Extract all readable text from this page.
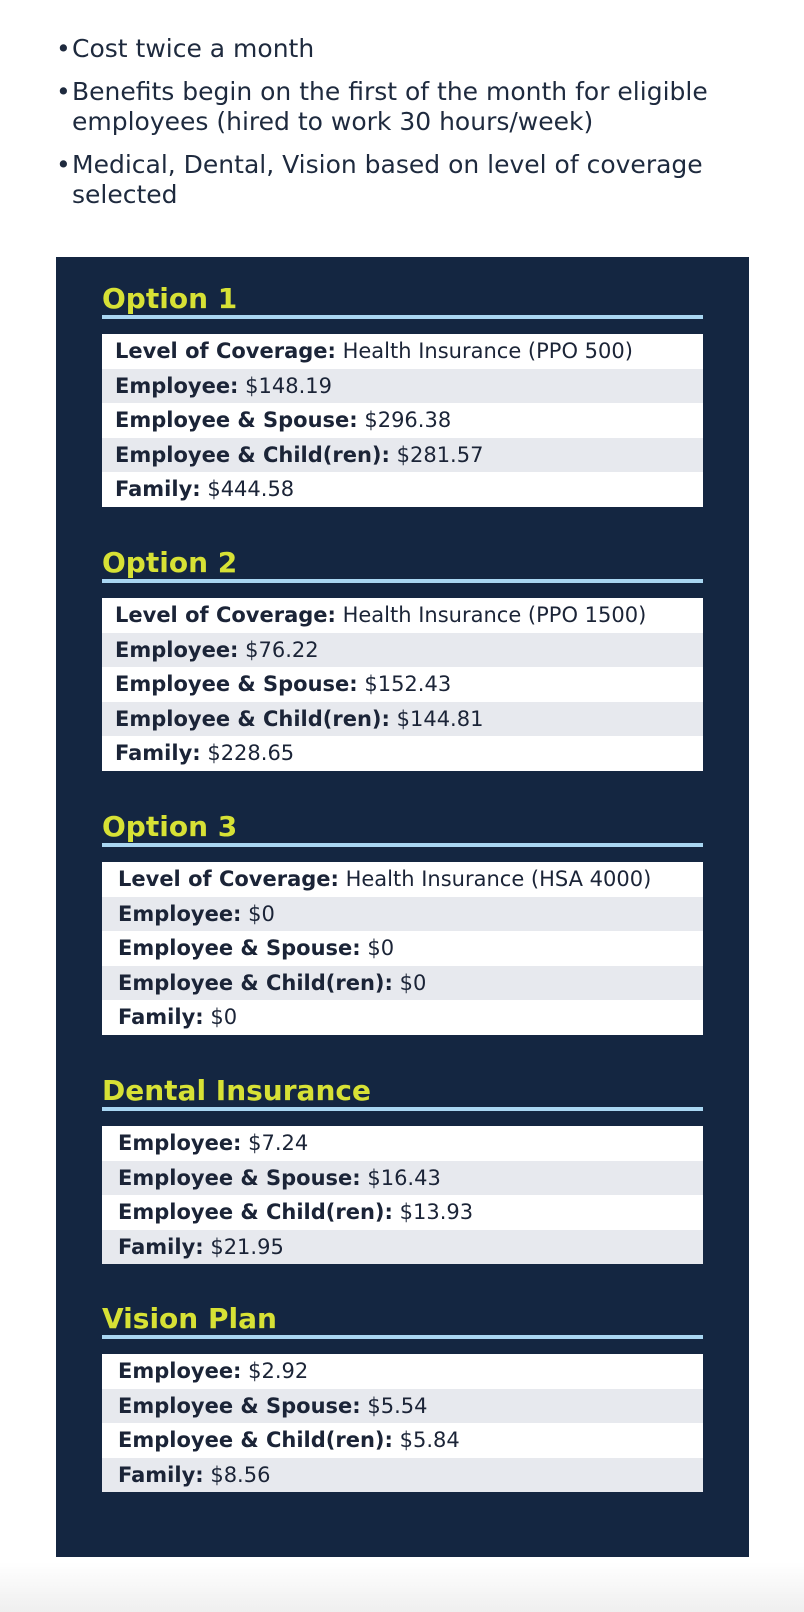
• Cost twice a month
• Benefits begin on the first of the month for eligible employees (hired to work 30 hours/week)
• Medical, Dental, Vision based on level of coverage selected
Option 1
Level of Coverage: Health Insurance (PPO 500)
Employee: $148.19
Employee & Spouse: $296.38
Employee & Child(ren): $281.57
Family: $444.58
Option 2
Level of Coverage: Health Insurance (PPO 1500)
Employee: $76.22
Employee & Spouse: $152.43
Employee & Child(ren): $144.81
Family: $228.65
Option 3
Level of Coverage: Health Insurance (HSA 4000)
Employee: $0
Employee & Spouse: $0
Employee & Child(ren): $0
Family: $0
Dental Insurance
Employee: $7.24
Employee & Spouse: $16.43
Employee & Child(ren): $13.93
Family: $21.95
Vision Plan
Employee: $2.92
Employee & Spouse: $5.54
Employee & Child(ren): $5.84
Family: $8.56
